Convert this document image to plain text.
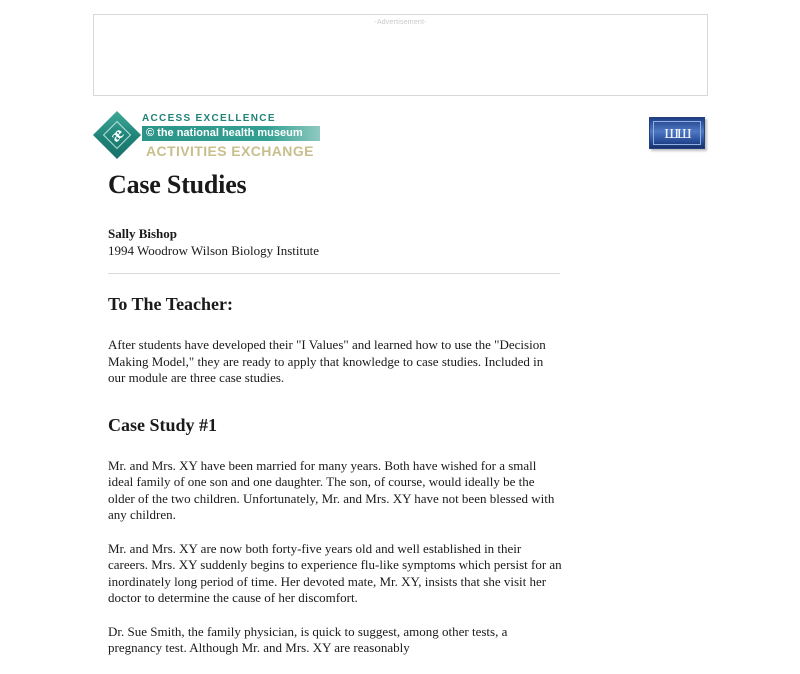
-Advertisement-
æ
ACCESS EXCELLENCE
© the national health museum
ACTIVITIES EXCHANGE
шш
Case Studies

Sally Bishop

1994 Woodrow Wilson Biology Institute

To The Teacher:

After students have developed their "I Values" and learned how to use the "Decision Making Model," they are ready to apply that knowledge to case studies. Included in our module are three case studies.

Case Study #1

Mr. and Mrs. XY have been married for many years. Both have wished for a small ideal family of one son and one daughter. The son, of course, would ideally be the older of the two children. Unfortunately, Mr. and Mrs. XY have not been blessed with any children.

Mr. and Mrs. XY are now both forty-five years old and well established in their careers. Mrs. XY suddenly begins to experience flu-like symptoms which persist for an inordinately long period of time. Her devoted mate, Mr. XY, insists that she visit her doctor to determine the cause of her discomfort.

Dr. Sue Smith, the family physician, is quick to suggest, among other tests, a pregnancy test. Although Mr. and Mrs. XY are reasonably
